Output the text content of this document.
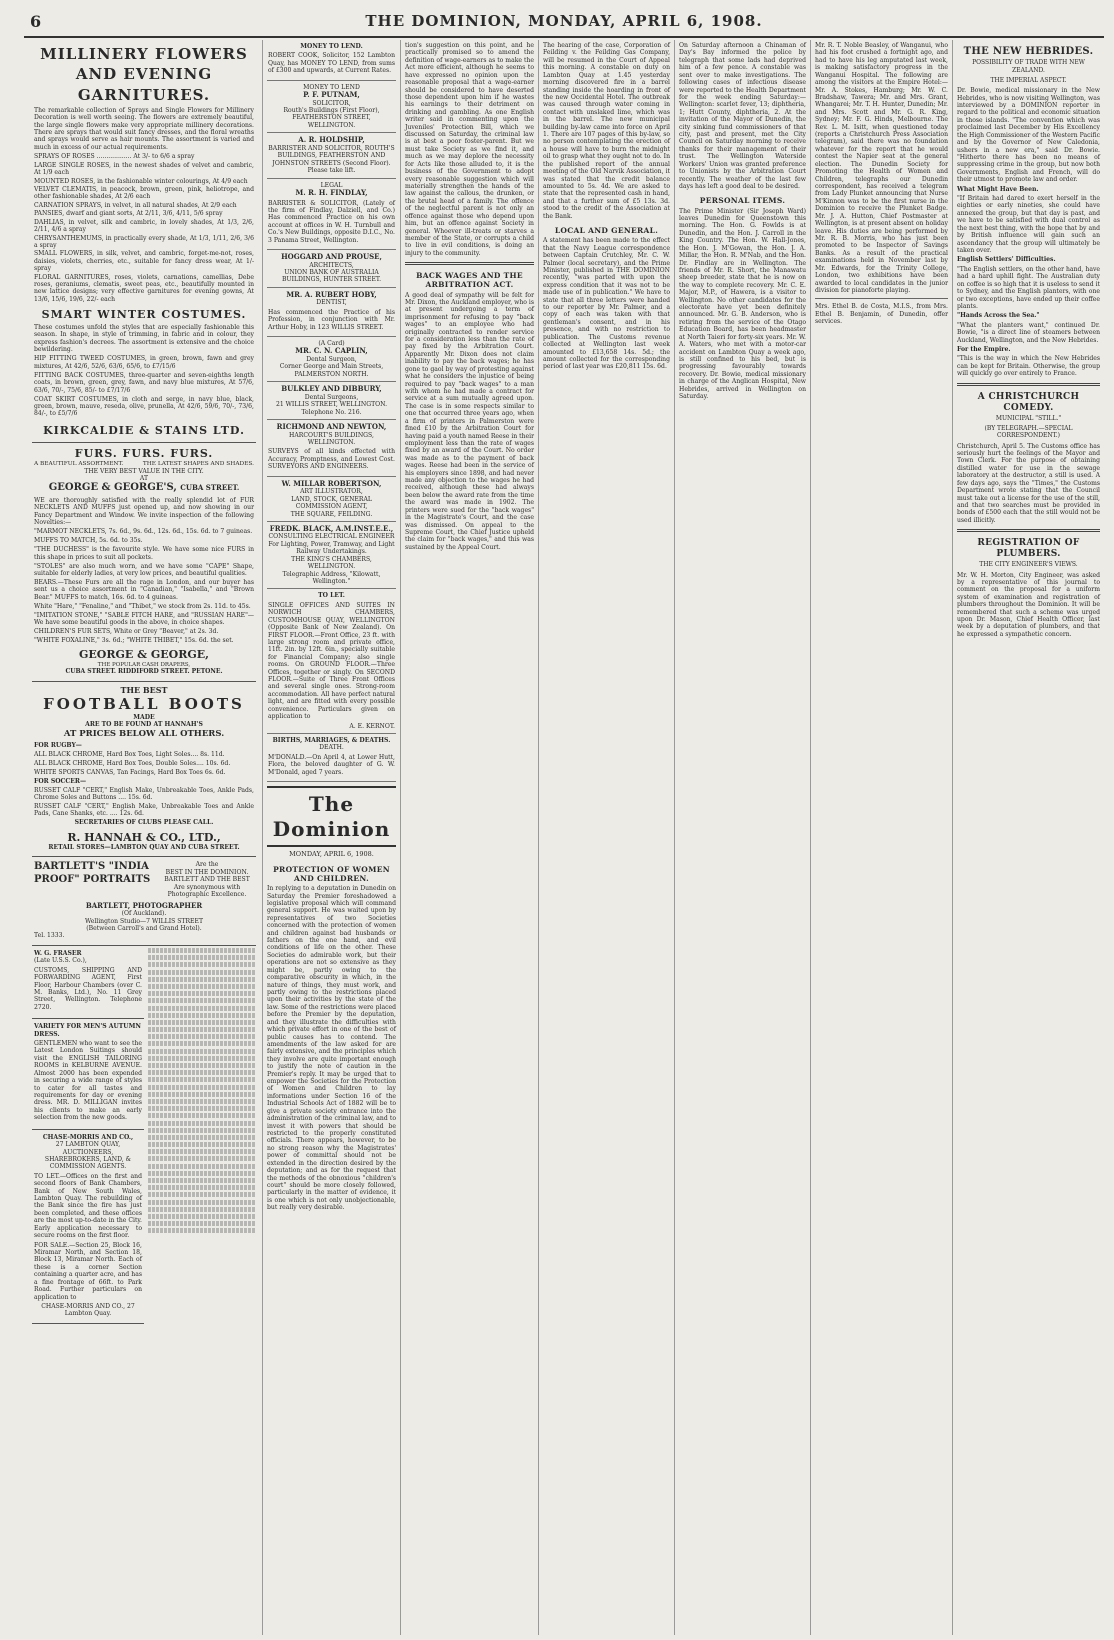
6	THE DOMINION, MONDAY, APRIL 6, 1908.
MILLINERY FLOWERS AND EVENING GARNITURES.
The remarkable collection of Sprays and Single Flowers for Millinery Decoration is well worth seeing. The flowers are extremely beautiful, the large single flowers make very appropriate millinery decorations. There are sprays that would suit fancy dresses, and the floral wreaths and sprays would serve as hair mounts. The assortment is varied and much in excess of our actual requirements.
SPRAYS OF ROSES .................. At 3/- to 6/6 a spray
LARGE SINGLE ROSES, in the newest shades of velvet and cambric, At 1/9 each
MOUNTED ROSES, in the fashionable winter colourings, At 4/9 each
VELVET CLEMATIS, in peacock, brown, green, pink, heliotrope, and other fashionable shades, At 2/6 each
CARNATION SPRAYS, in velvet, in all natural shades, At 2/9 each
PANSIES, dwarf and giant sorts, At 2/11, 3/6, 4/11, 5/6 spray
DAHLIAS, in velvet, silk and cambric, in lovely shades, At 1/3, 2/6, 2/11, 4/6 a spray
CHRYSANTHEMUMS, in practically every shade, At 1/3, 1/11, 2/6, 3/6 a spray
SMALL FLOWERS, in silk, velvet, and cambric, forget-me-not, roses, daisies, violets, cherries, etc., suitable for fancy dress wear, At 1/- spray
FLORAL GARNITURES, roses, violets, carnations, camellias, Debe roses, geraniums, clematis, sweet peas, etc., beautifully mounted in new lattice designs; very effective garnitures for evening gowns, At 13/6, 15/6, 19/6, 22/- each
SMART WINTER COSTUMES.
These costumes unfold the styles that are especially fashionable this season. In shape, in style of trimming, in fabric and in colour, they express fashion's decrees. The assortment is extensive and the choice bewildering.
HIP FITTING TWEED COSTUMES, in green, brown, fawn and grey mixtures, At 42/6, 52/6, 63/6, 65/6, to £7/15/6
FITTING BACK COSTUMES, three-quarter and seven-eighths length coats, in brown, green, grey, fawn, and navy blue mixtures, At 57/6, 63/6, 70/-, 75/6, 85/- to £7/17/6
COAT SKIRT COSTUMES, in cloth and serge, in navy blue, black, green, brown, mauve, reseda, olive, prunella, At 42/6, 59/6, 70/-, 73/6, 84/-, to £5/7/6
KIRKCALDIE & STAINS LTD.
FURS. FURS. FURS.
A BEAUTIFUL ASSORTMENT.	THE LATEST SHAPES AND SHADES.
THE VERY BEST VALUE IN THE CITY.
AT
GEORGE & GEORGE'S, CUBA STREET.
WE are thoroughly satisfied with the really splendid lot of FUR NECKLETS AND MUFFS just opened up, and now showing in our Fancy Department and Window. We invite inspection of the following Novelties:—
"MARMOT NECKLETS, 7s. 6d., 9s. 6d., 12s. 6d., 15s. 6d. to 7 guineas.
MUFFS TO MATCH, 5s. 6d. to 35s.
"THE DUCHESS" is the favourite style. We have some nice FURS in this shape in prices to suit all pockets.
"STOLES" are also much worn, and we have some "CAPE" Shape, suitable for elderly ladies, at very low prices, and beautiful qualities.
BEARS.—These Furs are all the rage in London, and our buyer has sent us a choice assortment in "Canadian," "Isabella," and "Brown Bear." MUFFS to match, 16s. 6d. to 4 guineas.
White "Hare," "Fenaline," and "Thibet," we stock from 2s. 11d. to 45s.
"IMITATION STONE," "SABLE FITCH HARE, and "RUSSIAN HARE"—We have some beautiful goods in the above, in choice shapes.
CHILDREN'S FUR SETS, White or Grey "Beaver," at 2s. 3d.
"WHITE FOXALINE," 3s. 6d.; "WHITE THIBET," 15s. 6d. the set.
GEORGE & GEORGE,
THE POPULAR CASH DRAPERS,
CUBA STREET. RIDDIFORD STREET. PETONE.
THE BEST
FOOTBALL BOOTS
MADE
ARE TO BE FOUND AT HANNAH'S
AT PRICES BELOW ALL OTHERS.
FOR RUGBY—
ALL BLACK CHROME, Hard Box Toes, Light Soles.... 8s. 11d.
ALL BLACK CHROME, Hard Box Toes, Double Soles.... 10s. 6d.
WHITE SPORTS CANVAS, Tan Facings, Hard Box Toes 6s. 6d.
FOR SOCCER—
RUSSET CALF "CERT," English Make, Unbreakable Toes, Ankle Pads, Chrome Soles and Buttons .... 15s. 6d.
RUSSET CALF "CERT," English Make, Unbreakable Toes and Ankle Pads, Cane Shanks, etc. .... 12s. 6d.
SECRETARIES OF CLUBS PLEASE CALL.
R. HANNAH & CO., LTD.,
RETAIL STORES—LAMBTON QUAY AND CUBA STREET.
BARTLETT'S "INDIA PROOF" PORTRAITS
Are the
BEST IN THE DOMINION.
BARTLETT AND THE BEST
Are synonymous with Photographic Excellence.
BARTLETT, PHOTOGRAPHER
(Of Auckland).
Wellington Studio—7 WILLIS STREET
(Between Carroll's and Grand Hotel).
Tel. 1333.
W. G. FRASER
(Late U.S.S. Co.),
CUSTOMS, SHIPPING AND FORWARDING AGENT, First Floor, Harbour Chambers (over C. M. Banks, Ltd.), No. 11 Grey Street, Wellington. Telephone 2720.
VARIETY FOR MEN'S AUTUMN DRESS.
GENTLEMEN who want to see the Latest London Suitings should visit the ENGLISH TAILORING ROOMS in KELBURNE AVENUE. Almost 2000 has been expended in securing a wide range of styles to cater for all tastes and requirements for day or evening dress. MR. D. MILLIGAN invites his clients to make an early selection from the new goods.
CHASE-MORRIS AND CO.,
27 LAMBTON QUAY,
AUCTIONEERS, SHAREBROKERS, LAND, & COMMISSION AGENTS.
TO LET.—Offices on the first and second floors of Bank Chambers, Bank of New South Wales, Lambton Quay. The rebuilding of the Bank since the fire has just been completed, and these offices are the most up-to-date in the City. Early application necessary to secure rooms on the first floor.
FOR SALE.—Section 25, Block 16, Miramar North, and Section 18, Block 13, Miramar North. Each of these is a corner Section containing a quarter acre, and has a fine frontage of 66ft. to Park Road. Further particulars on application to
CHASE-MORRIS AND CO., 27 Lambton Quay.
MONEY TO LEND.
ROBERT COOK, Solicitor, 152 Lambton Quay, has MONEY TO LEND, from sums of £300 and upwards, at Current Rates.
MONEY TO LEND
P. F. PUTNAM,
SOLICITOR,
Routh's Buildings (First Floor), FEATHERSTON STREET, WELLINGTON.
A. R. HOLDSHIP,
BARRISTER AND SOLICITOR, ROUTH'S BUILDINGS, FEATHERSTON AND JOHNSTON STREETS (Second Floor). Please take lift.
LEGAL
M. R. H. FINDLAY,
BARRISTER & SOLICITOR, (Lately of the firm of Findlay, Dalziell, and Co.) Has commenced Practice on his own account at offices in W. H. Turnbull and Co.'s New Buildings, opposite D.I.C., No. 3 Panama Street, Wellington.
HOGGARD AND PROUSE,
ARCHITECTS,
UNION BANK OF AUSTRALIA BUILDINGS, HUNTER STREET.
MR. A. RUBERT HOBY,
DENTIST,
Has commenced the Practice of his Profession, in conjunction with Mr. Arthur Hoby, in 123 WILLIS STREET.
(A Card)
MR. C. N. CAPLIN,
Dental Surgeon,
Corner George and Main Streets, PALMERSTON NORTH.
BULKLEY AND DIBBURY,
Dental Surgeons,
21 WILLIS STREET, WELLINGTON.
Telephone No. 216.
RICHMOND AND NEWTON,
HARCOURT'S BUILDINGS, WELLINGTON.
SURVEYS of all kinds effected with Accuracy, Promptness, and Lowest Cost. SURVEYORS AND ENGINEERS.
W. MILLAR ROBERTSON,
ART ILLUSTRATOR,
LAND, STOCK, GENERAL COMMISSION AGENT,
THE SQUARE, FEILDING.
FREDK. BLACK, A.M.INST.E.E.,
CONSULTING ELECTRICAL ENGINEER
For Lighting, Power, Tramway, and Light Railway Undertakings.
THE KING'S CHAMBERS, WELLINGTON.
Telegraphic Address, "Kilowatt, Wellington."
TO LET.
SINGLE OFFICES AND SUITES IN NORWICH CHAMBERS, CUSTOMHOUSE QUAY, WELLINGTON (Opposite Bank of New Zealand). On FIRST FLOOR.—Front Office, 23 ft. with large strong room and private office, 11ft. 2in. by 12ft. 6in., specially suitable for Financial Company; also single rooms. On GROUND FLOOR.—Three Offices, together or singly. On SECOND FLOOR.—Suite of Three Front Offices and several single ones. Strong-room accommodation. All have perfect natural light, and are fitted with every possible convenience. Particulars given on application to
A. E. KERNOT.
BIRTHS, MARRIAGES, & DEATHS.
DEATH.
M'DONALD.—On April 4, at Lower Hutt, Flora, the beloved daughter of G. W. M'Donald, aged 7 years.
The Dominion
MONDAY, APRIL 6, 1908.
PROTECTION OF WOMEN AND CHILDREN.
In replying to a deputation in Dunedin on Saturday the Premier foreshadowed a legislative proposal which will command general support. He was waited upon by representatives of two Societies concerned with the protection of women and children against bad husbands or fathers on the one hand, and evil conditions of life on the other. These Societies do admirable work, but their operations are not so extensive as they might be, partly owing to the comparative obscurity in which, in the nature of things, they must work, and partly owing to the restrictions placed upon their activities by the state of the law. Some of the restrictions were placed before the Premier by the deputation, and they illustrate the difficulties with which private effort in one of the best of public causes has to contend. The amendments of the law asked for are fairly extensive, and the principles which they involve are quite important enough to justify the note of caution in the Premier's reply. It may be urged that to empower the Societies for the Protection of Women and Children to lay informations under Section 16 of the Industrial Schools Act of 1882 will be to give a private society entrance into the administration of the criminal law, and to invest it with powers that should be restricted to the properly constituted officials. There appears, however, to be no strong reason why the Magistrates' power of committal should not be extended in the direction desired by the deputation; and as for the request that the methods of the obnoxious "children's court" should be more closely followed, particularly in the matter of evidence, it is one which is not only unobjectionable, but really very desirable.
tion's suggestion on this point, and he practically promised so to amend the definition of wage-earners as to make the Act more efficient, although he seems to have expressed no opinion upon the reasonable proposal that a wage-earner should be considered to have deserted those dependent upon him if he wastes his earnings to their detriment on drinking and gambling. As one English writer said in commenting upon the Juveniles' Protection Bill, which we discussed on Saturday, the criminal law is at best a poor foster-parent. But we must take Society as we find it, and much as we may deplore the necessity for Acts like those alluded to, it is the business of the Government to adopt every reasonable suggestion which will materially strengthen the hands of the law against the callous, the drunken, or the brutal head of a family. The offence of the neglectful parent is not only an offence against those who depend upon him, but an offence against Society in general. Whoever ill-treats or starves a member of the State, or corrupts a child to live in evil conditions, is doing an injury to the community.
BACK WAGES AND THE ARBITRATION ACT.
A good deal of sympathy will be felt for Mr. Dixon, the Auckland employer, who is at present undergoing a term of imprisonment for refusing to pay "back wages" to an employee who had originally contracted to render service for a consideration less than the rate of pay fixed by the Arbitration Court. Apparently Mr. Dixon does not claim inability to pay the back wages; he has gone to gaol by way of protesting against what he considers the injustice of being required to pay "back wages" to a man with whom he had made a contract for service at a sum mutually agreed upon. The case is in some respects similar to one that occurred three years ago, when a firm of printers in Palmerston were fined £10 by the Arbitration Court for having paid a youth named Reese in their employment less than the rate of wages fixed by an award of the Court. No order was made as to the payment of back wages. Reese had been in the service of his employers since 1898, and had never made any objection to the wages he had received, although these had always been below the award rate from the time the award was made in 1902. The printers were sued for the "back wages" in the Magistrate's Court, and the case was dismissed. On appeal to the Supreme Court, the Chief Justice upheld the claim for "back wages," and this was sustained by the Appeal Court.
The hearing of the case, Corporation of Feilding v. the Feilding Gas Company, will be resumed in the Court of Appeal this morning. A constable on duty on Lambton Quay at 1.45 yesterday morning discovered fire in a barrel standing inside the hoarding in front of the new Occidental Hotel. The outbreak was caused through water coming in contact with unslaked lime, which was in the barrel. The new municipal building by-law came into force on April 1. There are 107 pages of this by-law, so no person contemplating the erection of a house will have to burn the midnight oil to grasp what they ought not to do. In the published report of the annual meeting of the Old Narvik Association, it was stated that the credit balance amounted to 5s. 4d. We are asked to state that the represented cash in hand, and that a further sum of £5 13s. 3d. stood to the credit of the Association at the Bank.
LOCAL AND GENERAL.
A statement has been made to the effect that the Navy League correspondence between Captain Crutchley, Mr. C. W. Palmer (local secretary), and the Prime Minister, published in THE DOMINION recently, "was parted with upon the express condition that it was not to be made use of in publication." We have to state that all three letters were handed to our reporter by Mr. Palmer, and a copy of each was taken with that gentleman's consent, and in his presence, and with no restriction to publication. The Customs revenue collected at Wellington last week amounted to £13,658 14s. 5d.; the amount collected for the corresponding period of last year was £20,811 15s. 6d.
On Saturday afternoon a Chinaman of Day's Bay informed the police by telegraph that some lads had deprived him of a few pence. A constable was sent over to make investigations. The following cases of infectious disease were reported to the Health Department for the week ending Saturday:—Wellington: scarlet fever, 13; diphtheria, 1; Hutt County, diphtheria, 2. At the invitation of the Mayor of Dunedin, the city sinking fund commissioners of that city, past and present, met the City Council on Saturday morning to receive thanks for their management of their trust. The Wellington Waterside Workers' Union was granted preference to Unionists by the Arbitration Court recently. The weather of the last few days has left a good deal to be desired.
PERSONAL ITEMS.
The Prime Minister (Sir Joseph Ward) leaves Dunedin for Queenstown this morning. The Hon. G. Fowlds is at Dunedin, and the Hon. J. Carroll in the King Country. The Hon. W. Hall-Jones, the Hon. J. M'Gowan, the Hon. J. A. Millar, the Hon. R. M'Nab, and the Hon. Dr. Findlay are in Wellington. The friends of Mr. R. Short, the Manawatu sheep breeder, state that he is now on the way to complete recovery. Mr. C. E. Major, M.P., of Hawera, is a visitor to Wellington. No other candidates for the electorate have yet been definitely announced. Mr. G. B. Anderson, who is retiring from the service of the Otago Education Board, has been headmaster at North Taieri for forty-six years. Mr. W. A. Waters, who met with a motor-car accident on Lambton Quay a week ago, is still confined to his bed, but is progressing favourably towards recovery. Dr. Bowie, medical missionary in charge of the Anglican Hospital, New Hebrides, arrived in Wellington on Saturday.
Mr. R. T. Noble Beasley, of Wanganui, who had his foot crushed a fortnight ago, and had to have his leg amputated last week, is making satisfactory progress in the Wanganui Hospital. The following are among the visitors at the Empire Hotel:—Mr. A. Stokes, Hamburg; Mr. W. C. Bradshaw, Tawera; Mr. and Mrs. Grant, Whangarei; Mr. T. H. Hunter, Dunedin; Mr. and Mrs. Scott and Mr. G. R. King, Sydney; Mr. F. G. Hinds, Melbourne. The Rev. L. M. Isitt, when questioned today (reports a Christchurch Press Association telegram), said there was no foundation whatever for the report that he would contest the Napier seat at the general election. The Dunedin Society for Promoting the Health of Women and Children, telegraphs our Dunedin correspondent, has received a telegram from Lady Plunket announcing that Nurse M'Kinnon was to be the first nurse in the Dominion to receive the Plunket Badge. Mr. J. A. Hutton, Chief Postmaster at Wellington, is at present absent on holiday leave. His duties are being performed by Mr. R. B. Morris, who has just been promoted to be Inspector of Savings Banks. As a result of the practical examinations held in November last by Mr. Edwards, for the Trinity College, London, two exhibitions have been awarded to local candidates in the junior division for pianoforte playing.
Mrs. Ethel B. de Costa, M.I.S., from Mrs. Ethel B. Benjamin, of Dunedin, offer services.
THE NEW HEBRIDES.
POSSIBILITY OF TRADE WITH NEW ZEALAND.
THE IMPERIAL ASPECT.
Dr. Bowie, medical missionary in the New Hebrides, who is now visiting Wellington, was interviewed by a DOMINION reporter in regard to the political and economic situation in those islands. "The convention which was proclaimed last December by His Excellency the High Commissioner of the Western Pacific and by the Governor of New Caledonia, ushers in a new era," said Dr. Bowie. "Hitherto there has been no means of suppressing crime in the group, but now both Governments, English and French, will do their utmost to promote law and order.
What Might Have Been.
"If Britain had dared to exert herself in the eighties or early nineties, she could have annexed the group, but that day is past, and we have to be satisfied with dual control as the next best thing, with the hope that by and by British influence will gain such an ascendancy that the group will ultimately be taken over.
English Settlers' Difficulties.
"The English settlers, on the other hand, have had a hard uphill fight. The Australian duty on coffee is so high that it is useless to send it to Sydney, and the English planters, with one or two exceptions, have ended up their coffee plants.
"Hands Across the Sea."
"What the planters want," continued Dr. Bowie, "is a direct line of steamers between Auckland, Wellington, and the New Hebrides.
For the Empire.
"This is the way in which the New Hebrides can be kept for Britain. Otherwise, the group will quickly go over entirely to France.
A CHRISTCHURCH COMEDY.
MUNICIPAL "STILL."
(BY TELEGRAPH.—SPECIAL CORRESPONDENT.)
Christchurch, April 5. The Customs office has seriously hurt the feelings of the Mayor and Town Clerk. For the purpose of obtaining distilled water for use in the sewage laboratory at the destructor, a still is used. A few days ago, says the "Times," the Customs Department wrote stating that the Council must take out a license for the use of the still, and that two searches must be provided in bonds of £500 each that the still would not be used illicitly.
REGISTRATION OF PLUMBERS.
THE CITY ENGINEER'S VIEWS.
Mr. W. H. Morton, City Engineer, was asked by a representative of this journal to comment on the proposal for a uniform system of examination and registration of plumbers throughout the Dominion. It will be remembered that such a scheme was urged upon Dr. Mason, Chief Health Officer, last week by a deputation of plumbers, and that he expressed a sympathetic concern.
